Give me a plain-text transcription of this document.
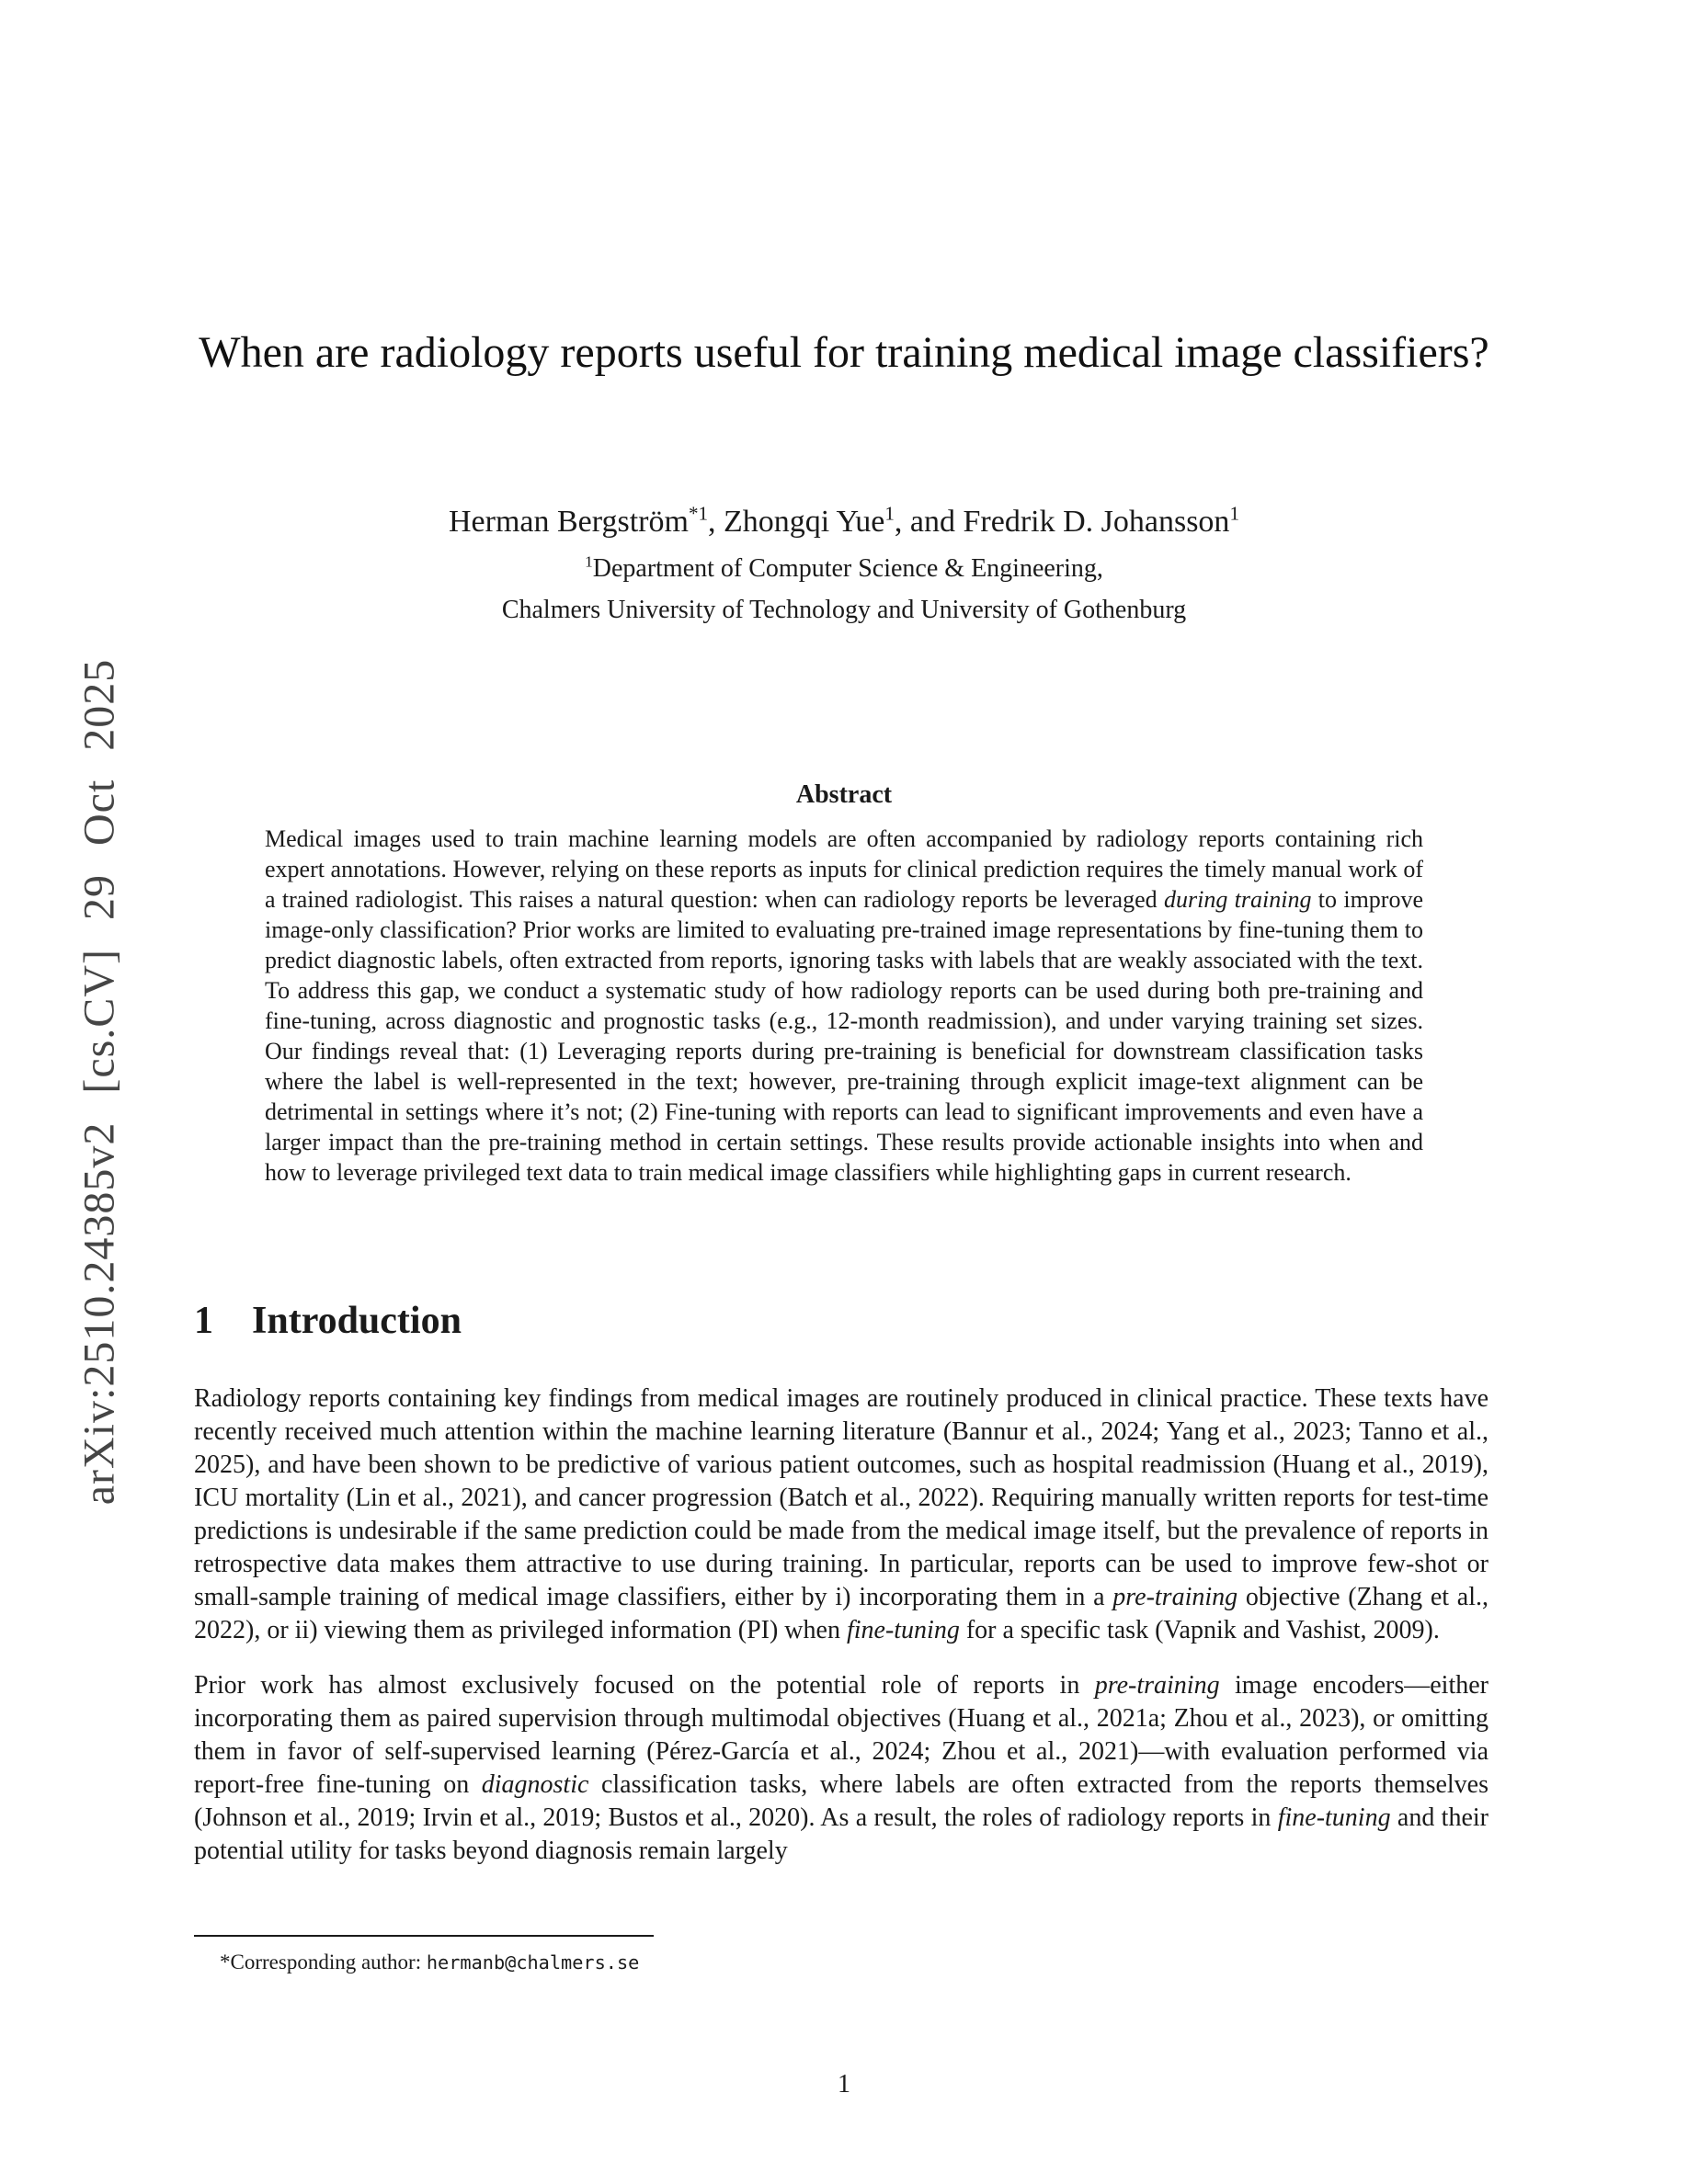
arXiv:2510.24385v2 [cs.CV] 29 Oct 2025
When are radiology reports useful for training medical image classifiers?
Herman Bergström$^{*1}$, Zhongqi Yue$^1$, and Fredrik D. Johansson$^1$
$^1$Department of Computer Science & Engineering,
Chalmers University of Technology and University of Gothenburg
Abstract
Medical images used to train machine learning models are often accompanied by radiology reports containing rich expert annotations. However, relying on these reports as inputs for clinical prediction requires the timely manual work of a trained radiologist. This raises a natural question: when can radiology reports be leveraged during training to improve image-only classification? Prior works are limited to evaluating pre-trained image representations by fine-tuning them to predict diagnostic labels, often extracted from reports, ignoring tasks with labels that are weakly associated with the text. To address this gap, we conduct a systematic study of how radiology reports can be used during both pre-training and fine-tuning, across diagnostic and prognostic tasks (e.g., 12-month readmission), and under varying training set sizes. Our findings reveal that: (1) Leveraging reports during pre-training is beneficial for downstream classification tasks where the label is well-represented in the text; however, pre-training through explicit image-text alignment can be detrimental in settings where it’s not; (2) Fine-tuning with reports can lead to significant improvements and even have a larger impact than the pre-training method in certain settings. These results provide actionable insights into when and how to leverage privileged text data to train medical image classifiers while highlighting gaps in current research.
1 Introduction

Radiology reports containing key findings from medical images are routinely produced in clinical practice. These texts have recently received much attention within the machine learning literature (Bannur et al., 2024; Yang et al., 2023; Tanno et al., 2025), and have been shown to be predictive of various patient outcomes, such as hospital readmission (Huang et al., 2019), ICU mortality (Lin et al., 2021), and cancer progression (Batch et al., 2022). Requiring manually written reports for test-time predictions is undesirable if the same prediction could be made from the medical image itself, but the prevalence of reports in retrospective data makes them attractive to use during training. In particular, reports can be used to improve few-shot or small-sample training of medical image classifiers, either by i) incorporating them in a pre-training objective (Zhang et al., 2022), or ii) viewing them as privileged information (PI) when fine-tuning for a specific task (Vapnik and Vashist, 2009).

Prior work has almost exclusively focused on the potential role of reports in pre-training image encoders—either incorporating them as paired supervision through multimodal objectives (Huang et al., 2021a; Zhou et al., 2023), or omitting them in favor of self-supervised learning (Pérez-García et al., 2024; Zhou et al., 2021)—with evaluation performed via report-free fine-tuning on diagnostic classification tasks, where labels are often extracted from the reports themselves (Johnson et al., 2019; Irvin et al., 2019; Bustos et al., 2020). As a result, the roles of radiology reports in fine-tuning and their potential utility for tasks beyond diagnosis remain largely

*Corresponding author: hermanb@chalmers.se
1
